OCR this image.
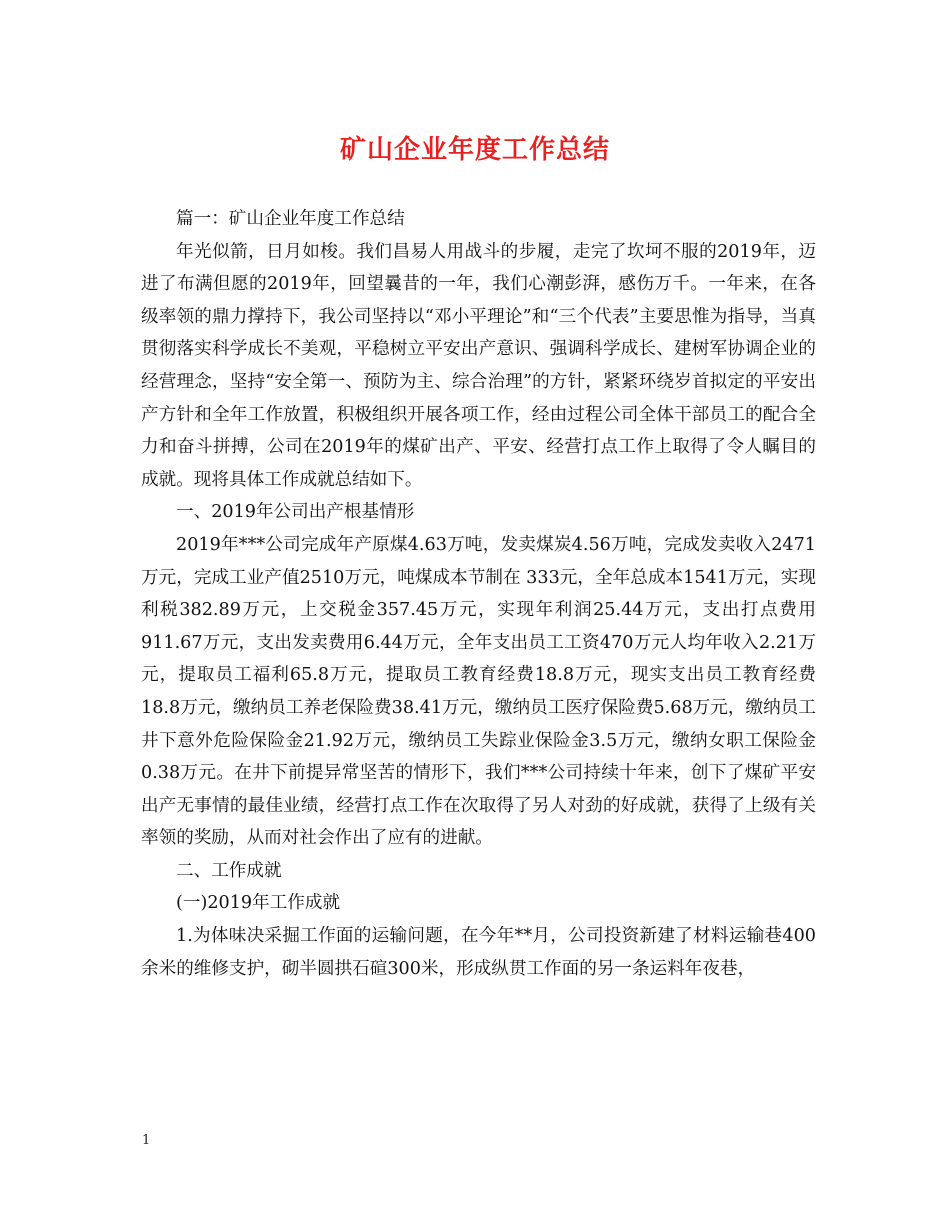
矿山企业年度工作总结

篇一：矿山企业年度工作总结

年光似箭，日月如梭。我们昌易人用战斗的步履，走完了坎坷不服的2019年，迈进了布满但愿的2019年，回望曩昔的一年，我们心潮彭湃，感伤万千。一年来，在各级率领的鼎力撑持下，我公司坚持以“邓小平理论”和“三个代表”主要思惟为指导，当真贯彻落实科学成长不美观，平稳树立平安出产意识、强调科学成长、建树军协调企业的经营理念，坚持“安全第一、预防为主、综合治理”的方针，紧紧环绕岁首拟定的平安出产方针和全年工作放置，积极组织开展各项工作，经由过程公司全体干部员工的配合全力和奋斗拼搏，公司在2019年的煤矿出产、平安、经营打点工作上取得了令人瞩目的成就。现将具体工作成就总结如下。

一、2019年公司出产根基情形

2019年***公司完成年产原煤4.63万吨，发卖煤炭4.56万吨，完成发卖收入2471万元，完成工业产值2510万元，吨煤成本节制在 333元，全年总成本1541万元，实现利税382.89万元，上交税金357.45万元，实现年利润25.44万元，支出打点费用911.67万元，支出发卖费用6.44万元，全年支出员工工资470万元人均年收入2.21万元，提取员工福利65.8万元，提取员工教育经费18.8万元，现实支出员工教育经费18.8万元，缴纳员工养老保险费38.41万元，缴纳员工医疗保险费5.68万元，缴纳员工井下意外危险保险金21.92万元，缴纳员工失踪业保险金3.5万元，缴纳女职工保险金0.38万元。在井下前提异常坚苦的情形下，我们***公司持续十年来，创下了煤矿平安出产无事情的最佳业绩，经营打点工作在次取得了另人对劲的好成就，获得了上级有关率领的奖励，从而对社会作出了应有的进献。

二、工作成就

(一)2019年工作成就

1.为体味决采掘工作面的运输问题，在今年**月，公司投资新建了材料运输巷400余米的维修支护，砌半圆拱石碹300米，形成纵贯工作面的另一条运料年夜巷，

1
